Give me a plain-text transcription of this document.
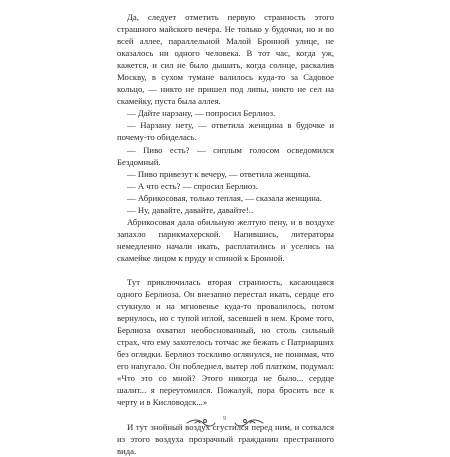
Да, следует отметить первую странность этого страшного майского вечера. Не только у будочки, но и во всей аллее, параллельной Малой Бронной улице, не оказалось ни одного человека. В тот час, когда уж, кажется, и сил не было дышать, когда солнце, раскалив Москву, в сухом тумане валилось куда-то за Садовое кольцо, — никто не пришел под липы, никто не сел на скамейку, пуста была аллея.

— Дайте нарзану, — попросил Берлиоз.

— Нарзану нету, — ответила женщина в будочке и почему-то обиделась.

— Пиво есть? — сиплым голосом осведомился Бездомный.

— Пиво привезут к вечеру, — ответила женщина.

— А что есть? — спросил Берлиоз.

— Абрикосовая, только теплая, — сказала женщина.

— Ну, давайте, давайте, давайте!..

Абрикосовая дала обильную желтую пену, и в воздухе запахло парикмахерской. Напившись, литераторы немедленно начали икать, расплатились и уселись на скамейке лицом к пруду и спиной к Бронной.

Тут приключилась вторая странность, касающаяся одного Берлиоза. Он внезапно перестал икать, сердце его стукнуло и на мгновенье куда-то провалилось, потом вернулось, но с тупой иглой, засевшей в нем. Кроме того, Берлиоза охватил необоснованный, но столь сильный страх, что ему захотелось тотчас же бежать с Патриарших без оглядки. Берлиоз тоскливо оглянулся, не понимая, что его напугало. Он побледнел, вытер лоб платком, подумал: «Что это со мной? Этого никогда не было... сердце шалит... я переутомился. Пожалуй, пора бросить все к черту и в Кисловодск...»

И тут знойный воздух сгустился перед ним, и соткался из этого воздуха прозрачный гражданин престранного вида.

9
